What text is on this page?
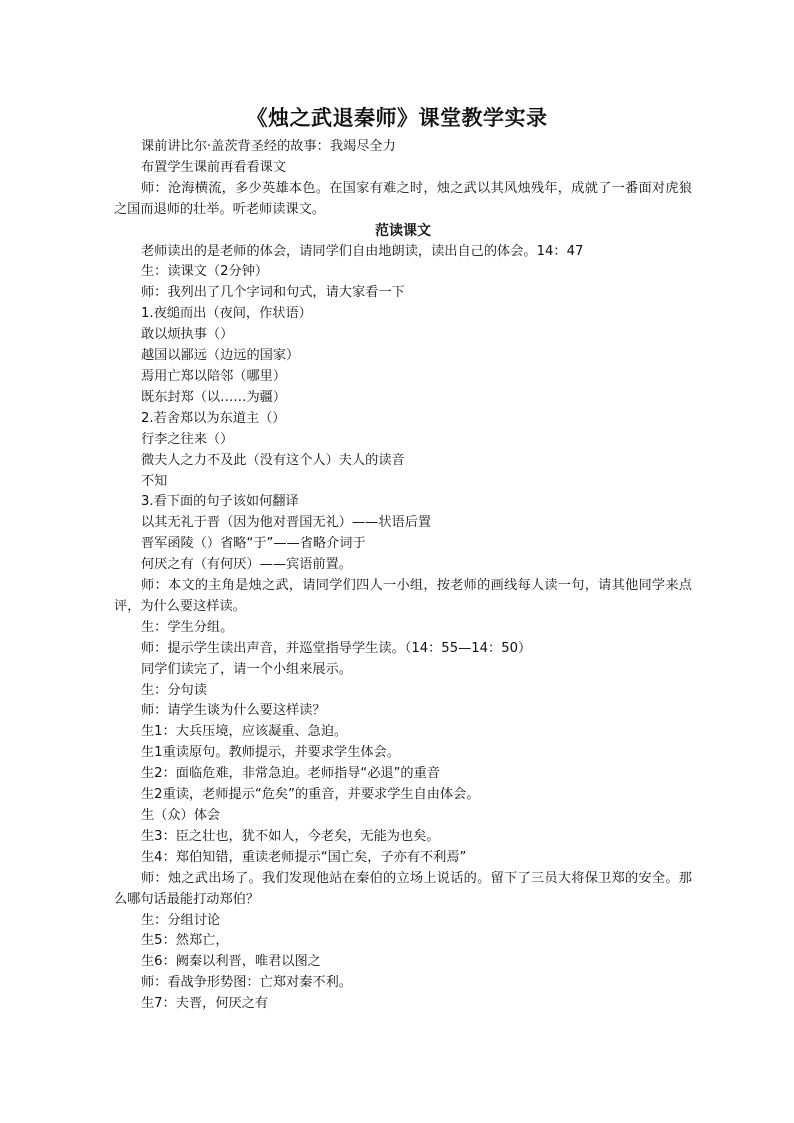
《烛之武退秦师》课堂教学实录

课前讲比尔·盖茨背圣经的故事：我竭尽全力

布置学生课前再看看课文

师：沧海横流，多少英雄本色。在国家有难之时，烛之武以其风烛残年，成就了一番面对虎狼之国而退师的壮举。听老师读课文。

范读课文

老师读出的是老师的体会，请同学们自由地朗读，读出自己的体会。14：47

生：读课文（2分钟）

师：我列出了几个字词和句式，请大家看一下

1.夜缒而出（夜间，作状语）

敢以烦执事（）

越国以鄙远（边远的国家）

焉用亡郑以陪邻（哪里）

既东封郑（以……为疆）

2.若舍郑以为东道主（）

行李之往来（）

微夫人之力不及此（没有这个人）夫人的读音

不知

3.看下面的句子该如何翻译

以其无礼于晋（因为他对晋国无礼）——状语后置

晋军函陵（）省略“于”——省略介词于

何厌之有（有何厌）——宾语前置。

师：本文的主角是烛之武，请同学们四人一小组，按老师的画线每人读一句，请其他同学来点评，为什么要这样读。

生：学生分组。

师：提示学生读出声音，并巡堂指导学生读。（14：55—14：50）

同学们读完了，请一个小组来展示。

生：分句读

师：请学生谈为什么要这样读？

生1：大兵压境，应该凝重、急迫。

生1重读原句。教师提示，并要求学生体会。

生2：面临危难，非常急迫。老师指导“必退”的重音

生2重读，老师提示“危矣”的重音，并要求学生自由体会。

生（众）体会

生3：臣之壮也，犹不如人，今老矣，无能为也矣。

生4：郑伯知错，重读老师提示“国亡矣，子亦有不利焉”

师：烛之武出场了。我们发现他站在秦伯的立场上说话的。留下了三员大将保卫郑的安全。那么哪句话最能打动郑伯？

生：分组讨论

生5：然郑亡，

生6：阙秦以利晋，唯君以图之

师：看战争形势图：亡郑对秦不利。

生7：夫晋，何厌之有
